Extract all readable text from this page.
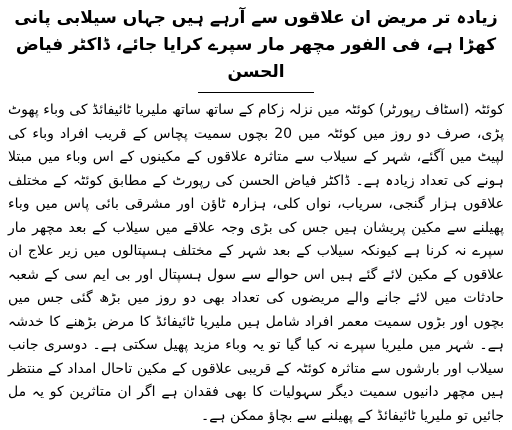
زیادہ تر مریض ان علاقوں سے آرہے ہیں جہاں سیلابی پانی کھڑا ہے، فی الفور مچھر مار سپرے کرایا جائے، ڈاکٹر فیاض الحسن

کوئٹہ (اسٹاف رپورٹر) کوئٹہ میں نزلہ زکام کے ساتھ ساتھ ملیریا ٹائیفائڈ کی وباء پھوٹ پڑی، صرف دو روز میں کوئٹہ میں 20 بچوں سمیت پچاس کے قریب افراد وباء کی لپیٹ میں آگئے، شہر کے سیلاب سے متاثرہ علاقوں کے مکینوں کے اس وباء میں مبتلا ہونے کی تعداد زیادہ ہے۔ ڈاکٹر فیاض الحسن کی رپورٹ کے مطابق کوئٹہ کے مختلف علاقوں ہزار گنجی، سریاب، نواں کلی، ہزارہ ٹاؤن اور مشرقی بائی پاس میں وباء پھیلنے سے مکین پریشان ہیں جس کی بڑی وجہ علاقے میں سیلاب کے بعد مچھر مار سپرے نہ کرنا ہے کیونکہ سیلاب کے بعد شہر کے مختلف ہسپتالوں میں زیر علاج ان علاقوں کے مکین لائے گئے ہیں اس حوالے سے سول ہسپتال اور بی ایم سی کے شعبہ حادثات میں لائے جانے والے مریضوں کی تعداد بھی دو روز میں بڑھ گئی جس میں بچوں اور بڑوں سمیت معمر افراد شامل ہیں ملیریا ٹائیفائڈ کا مرض بڑھنے کا خدشہ ہے۔ شہر میں ملیریا سپرے نہ کیا گیا تو یہ وباء مزید پھیل سکتی ہے۔ دوسری جانب سیلاب اور بارشوں سے متاثرہ کوئٹہ کے قریبی علاقوں کے مکین تاحال امداد کے منتظر ہیں مچھر دانیوں سمیت دیگر سہولیات کا بھی فقدان ہے اگر ان متاثرین کو یہ مل جائیں تو ملیریا ٹائیفائڈ کے پھیلنے سے بچاؤ ممکن ہے۔
